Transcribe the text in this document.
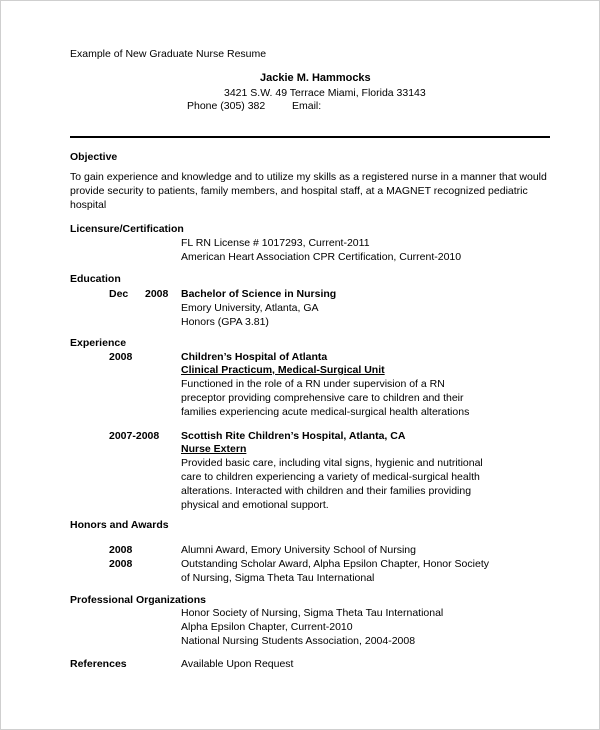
Example of New Graduate Nurse Resume
Jackie M. Hammocks
3421 S.W. 49 Terrace Miami, Florida 33143
Phone (305) 382	Email:
Objective
To gain experience and knowledge and to utilize my skills as a registered nurse in a manner that would
provide security to patients, family members, and hospital staff, at a MAGNET recognized pediatric
hospital
Licensure/Certification
FL RN License # 1017293, Current-2011
American Heart Association CPR Certification, Current-2010
Education
Dec 2008 Bachelor of Science in Nursing
Emory University, Atlanta, GA
Honors (GPA 3.81)
Experience
2008	Children’s Hospital of Atlanta
Clinical Practicum, Medical-Surgical Unit
Functioned in the role of a RN under supervision of a RN
preceptor providing comprehensive care to children and their
families experiencing acute medical-surgical health alterations
2007-2008 Scottish Rite Children’s Hospital, Atlanta, CA
Nurse Extern
Provided basic care, including vital signs, hygienic and nutritional
care to children experiencing a variety of medical-surgical health
alterations. Interacted with children and their families providing
physical and emotional support.
Honors and Awards
2008	Alumni Award, Emory University School of Nursing
2008	Outstanding Scholar Award, Alpha Epsilon Chapter, Honor Society
of Nursing, Sigma Theta Tau International
Professional Organizations
Honor Society of Nursing, Sigma Theta Tau International
Alpha Epsilon Chapter, Current-2010
National Nursing Students Association, 2004-2008
References	Available Upon Request
